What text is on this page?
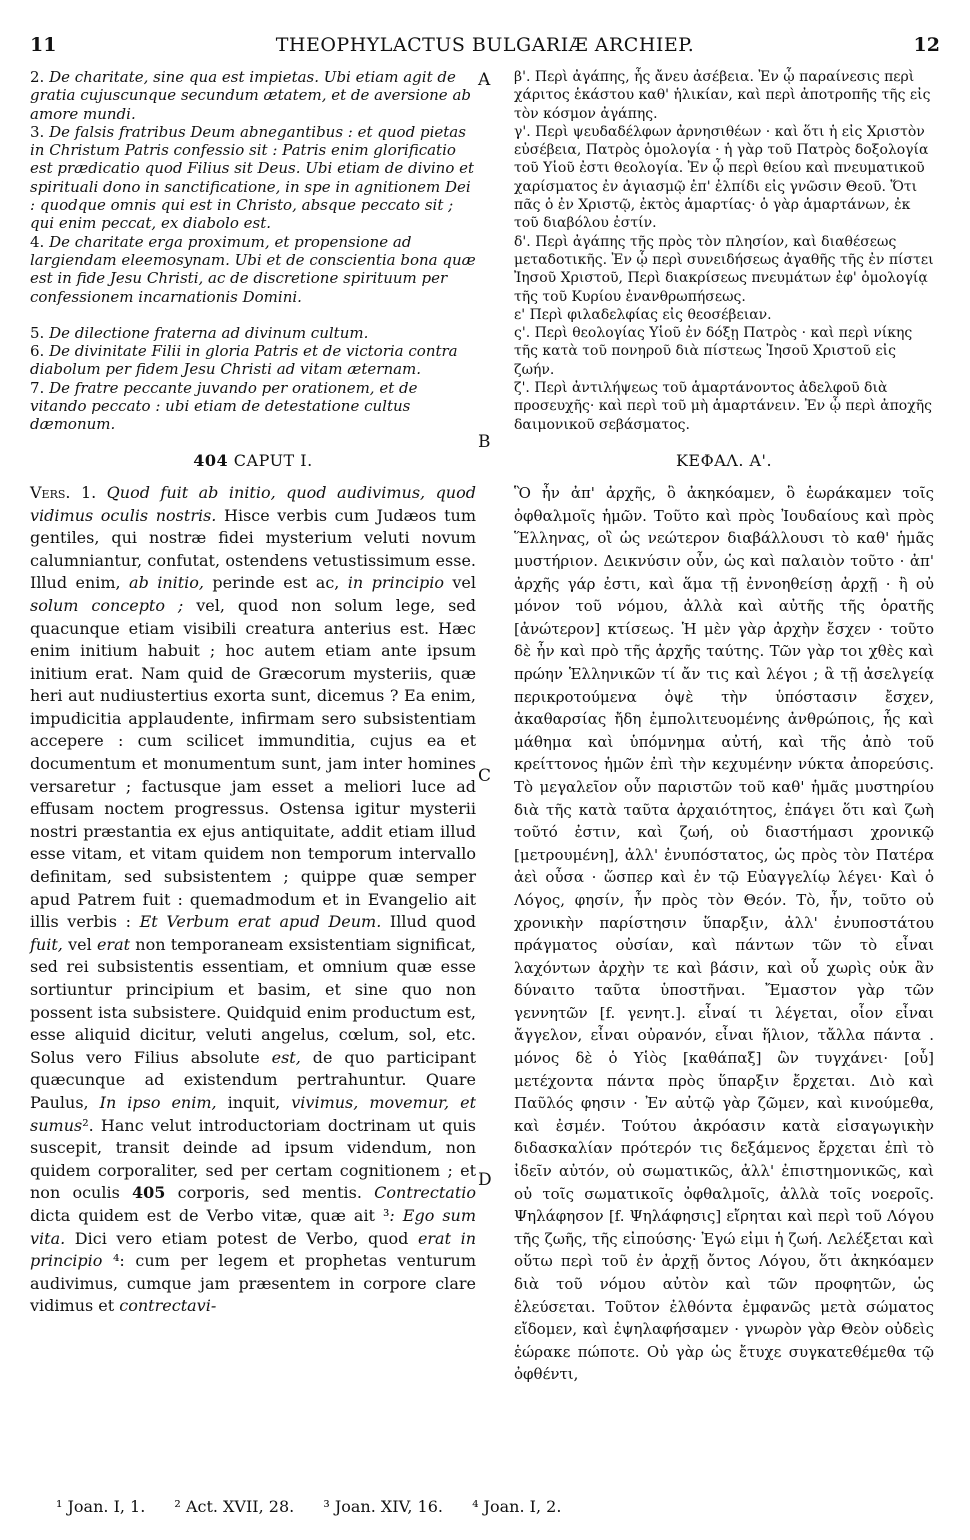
11	THEOPHYLACTUS BULGARIÆ ARCHIEP.	12
2. De charitate, sine qua est impietas. Ubi etiam agit de gratia cujuscunque secundum ætatem, et de aversione ab amore mundi.
3. De falsis fratribus Deum abnegantibus : et quod pietas in Christum Patris confessio sit : Patris enim glorificatio est prædicatio quod Filius sit Deus. Ubi etiam de divino et spirituali dono in sanctificatione, in spe in agnitionem Dei : quodque omnis qui est in Christo, absque peccato sit ; qui enim peccat, ex diabolo est.
4. De charitate erga proximum, et propensione ad largiendam eleemosynam. Ubi et de conscientia bona quæ est in fide Jesu Christi, ac de discretione spirituum per confessionem incarnationis Domini.
5. De dilectione fraterna ad divinum cultum.
6. De divinitate Filii in gloria Patris et de victoria contra diabolum per fidem Jesu Christi ad vitam æternam.
7. De fratre peccante juvando per orationem, et de vitando peccato : ubi etiam de detestatione cultus dæmonum.
404 CAPUT I.
Vers. 1. Quod fuit ab initio, quod audivimus, quod vidimus oculis nostris. Hisce verbis cum Judæos tum gentiles, qui nostræ fidei mysterium veluti novum calumniantur, confutat, ostendens vetustissimum esse. Illud enim, ab initio, perinde est ac, in principio vel solum concepto ; vel, quod non solum lege, sed quacunque etiam visibili creatura anterius est. Hæc enim initium habuit ; hoc autem etiam ante ipsum initium erat. Nam quid de Græcorum mysteriis, quæ heri aut nudiustertius exorta sunt, dicemus ? Ea enim, impudicitia applaudente, infirmam sero subsistentiam accepere : cum scilicet immunditia, cujus ea et documentum et monumentum sunt, jam inter homines versaretur ; factusque jam esset a meliori luce ad effusam noctem progressus. Ostensa igitur mysterii nostri præstantia ex ejus antiquitate, addit etiam illud esse vitam, et vitam quidem non temporum intervallo definitam, sed subsistentem ; quippe quæ semper apud Patrem fuit : quemadmodum et in Evangelio ait illis verbis : Et Verbum erat apud Deum. Illud quod fuit, vel erat non temporaneam exsistentiam significat, sed rei subsistentis essentiam, et omnium quæ esse sortiuntur principium et basim, et sine quo non possent ista subsistere. Quidquid enim productum est, esse aliquid dicitur, veluti angelus, cœlum, sol, etc. Solus vero Filius absolute est, de quo participant quæcunque ad existendum pertrahuntur. Quare Paulus, In ipso enim, inquit, vivimus, movemur, et sumus². Hanc velut introductoriam doctrinam ut quis suscepit, transit deinde ad ipsum videndum, non quidem corporaliter, sed per certam cognitionem ; et non oculis 405 corporis, sed mentis. Contrectatio dicta quidem est de Verbo vitæ, quæ ait ³: Ego sum vita. Dici vero etiam potest de Verbo, quod erat in principio ⁴: cum per legem et prophetas venturum audivimus, cumque jam præsentem in corpore clare vidimus et contrectavi-
A
B
C
D
β'. Περὶ ἀγάπης, ἧς ἄνευ ἀσέβεια. Ἐν ᾧ παραίνεσις περὶ χάριτος ἑκάστου καθ' ἡλικίαν, καὶ περὶ ἀποτροπῆς τῆς εἰς τὸν κόσμον ἀγάπης.
γ'. Περὶ ψευδαδέλφων ἀρνησιθέων · καὶ ὅτι ἡ εἰς Χριστὸν εὐσέβεια, Πατρὸς ὁμολογία · ἡ γὰρ τοῦ Πατρὸς δοξολογία τοῦ Υἱοῦ ἐστι θεολογία. Ἐν ᾧ περὶ θείου καὶ πνευματικοῦ χαρίσματος ἐν ἁγιασμῷ ἐπ' ἐλπίδι εἰς γνῶσιν Θεοῦ. Ὅτι πᾶς ὁ ἐν Χριστῷ, ἐκτὸς ἁμαρτίας· ὁ γὰρ ἁμαρτάνων, ἐκ τοῦ διαβόλου ἐστίν.
δ'. Περὶ ἀγάπης τῆς πρὸς τὸν πλησίον, καὶ διαθέσεως μεταδοτικῆς. Ἐν ᾧ περὶ συνειδήσεως ἀγαθῆς τῆς ἐν πίστει Ἰησοῦ Χριστοῦ, Περὶ διακρίσεως πνευμάτων ἐφ' ὁμολογίᾳ τῆς τοῦ Κυρίου ἐνανθρωπήσεως.
ε' Περὶ φιλαδελφίας εἰς θεοσέβειαν.
ς'. Περὶ θεολογίας Υἱοῦ ἐν δόξῃ Πατρὸς · καὶ περὶ νίκης τῆς κατὰ τοῦ πονηροῦ διὰ πίστεως Ἰησοῦ Χριστοῦ εἰς ζωήν.
ζ'. Περὶ ἀντιλήψεως τοῦ ἁμαρτάνοντος ἀδελφοῦ διὰ προσευχῆς· καὶ περὶ τοῦ μὴ ἁμαρτάνειν. Ἐν ᾧ περὶ ἀποχῆς δαιμονικοῦ σεβάσματος.
ΚΕΦΑΛ. Α'.
Ὃ ἦν ἀπ' ἀρχῆς, ὃ ἀκηκόαμεν, ὃ ἑωράκαμεν τοῖς ὀφθαλμοῖς ἡμῶν. Τοῦτο καὶ πρὸς Ἰουδαίους καὶ πρὸς Ἕλληνας, οἳ ὡς νεώτερον διαβάλλουσι τὸ καθ' ἡμᾶς μυστήριον. Δεικνύσιν οὖν, ὡς καὶ παλαιὸν τοῦτο · ἀπ' ἀρχῆς γάρ ἐστι, καὶ ἅμα τῇ ἐννοηθείσῃ ἀρχῇ · ἢ οὐ μόνον τοῦ νόμου, ἀλλὰ καὶ αὐτῆς τῆς ὁρατῆς [ἀνώτερον] κτίσεως. Ἡ μὲν γὰρ ἀρχὴν ἔσχεν · τοῦτο δὲ ἦν καὶ πρὸ τῆς ἀρχῆς ταύτης. Τῶν γὰρ τοι χθὲς καὶ πρώην Ἑλληνικῶν τί ἄν τις καὶ λέγοι ; ἃ τῇ ἀσελγείᾳ περικροτούμενα ὀψὲ τὴν ὑπόστασιν ἔσχεν, ἀκαθαρσίας ἤδη ἐμπολιτευομένης ἀνθρώποις, ἧς καὶ μάθημα καὶ ὑπόμνημα αὐτή, καὶ τῆς ἀπὸ τοῦ κρείττονος ἡμῶν ἐπὶ τὴν κεχυμένην νύκτα ἀπορεύσις. Τὸ μεγαλεῖον οὖν παριστῶν τοῦ καθ' ἡμᾶς μυστηρίου διὰ τῆς κατὰ ταῦτα ἀρχαιότητος, ἐπάγει ὅτι καὶ ζωὴ τοῦτό ἐστιν, καὶ ζωή, οὐ διαστήμασι χρονικῷ [μετρουμένη], ἀλλ' ἐνυπόστατος, ὡς πρὸς τὸν Πατέρα ἀεὶ οὖσα · ὥσπερ καὶ ἐν τῷ Εὐαγγελίῳ λέγει· Καὶ ὁ Λόγος, φησίν, ἦν πρὸς τὸν Θεόν. Τὸ, ἦν, τοῦτο οὐ χρονικὴν παρίστησιν ὕπαρξιν, ἀλλ' ἐνυποστάτου πράγματος οὐσίαν, καὶ πάντων τῶν τὸ εἶναι λαχόντων ἀρχὴν τε καὶ βάσιν, καὶ οὗ χωρὶς οὐκ ἂν δύναιτο ταῦτα ὑποστῆναι. Ἔμαστον γὰρ τῶν γεννητῶν [f. γενητ.]. εἶναί τι λέγεται, οἷον εἶναι ἄγγελον, εἶναι οὐρανόν, εἶναι ἥλιον, τἄλλα πάντα . μόνος δὲ ὁ Υἱὸς [καθάπαξ] ὢν τυγχάνει· [οὗ] μετέχοντα πάντα πρὸς ὕπαρξιν ἔρχεται. Διὸ καὶ Παῦλός φησιν · Ἐν αὐτῷ γὰρ ζῶμεν, καὶ κινούμεθα, καὶ ἐσμέν. Τούτου ἀκρόασιν κατὰ εἰσαγωγικὴν διδασκαλίαν πρότερόν τις δεξάμενος ἔρχεται ἐπὶ τὸ ἰδεῖν αὐτόν, οὐ σωματικῶς, ἀλλ' ἐπιστημονικῶς, καὶ οὐ τοῖς σωματικοῖς ὀφθαλμοῖς, ἀλλὰ τοῖς νοεροῖς. Ψηλάφησον [f. Ψηλάφησις] εἴρηται καὶ περὶ τοῦ Λόγου τῆς ζωῆς, τῆς εἰπούσης· Ἐγώ εἰμι ἡ ζωή. Λελέξεται καὶ οὕτω περὶ τοῦ ἐν ἀρχῇ ὄντος Λόγου, ὅτι ἀκηκόαμεν διὰ τοῦ νόμου αὐτὸν καὶ τῶν προφητῶν, ὡς ἐλεύσεται. Τοῦτον ἐλθόντα ἐμφανῶς μετὰ σώματος εἴδομεν, καὶ ἐψηλαφήσαμεν · γνωρὸν γὰρ Θεὸν οὐδεὶς ἑώρακε πώποτε. Οὐ γὰρ ὡς ἔτυχε συγκατεθέμεθα τῷ ὀφθέντι,
¹ Joan. I, 1. ² Act. XVII, 28. ³ Joan. XIV, 16. ⁴ Joan. I, 2.
